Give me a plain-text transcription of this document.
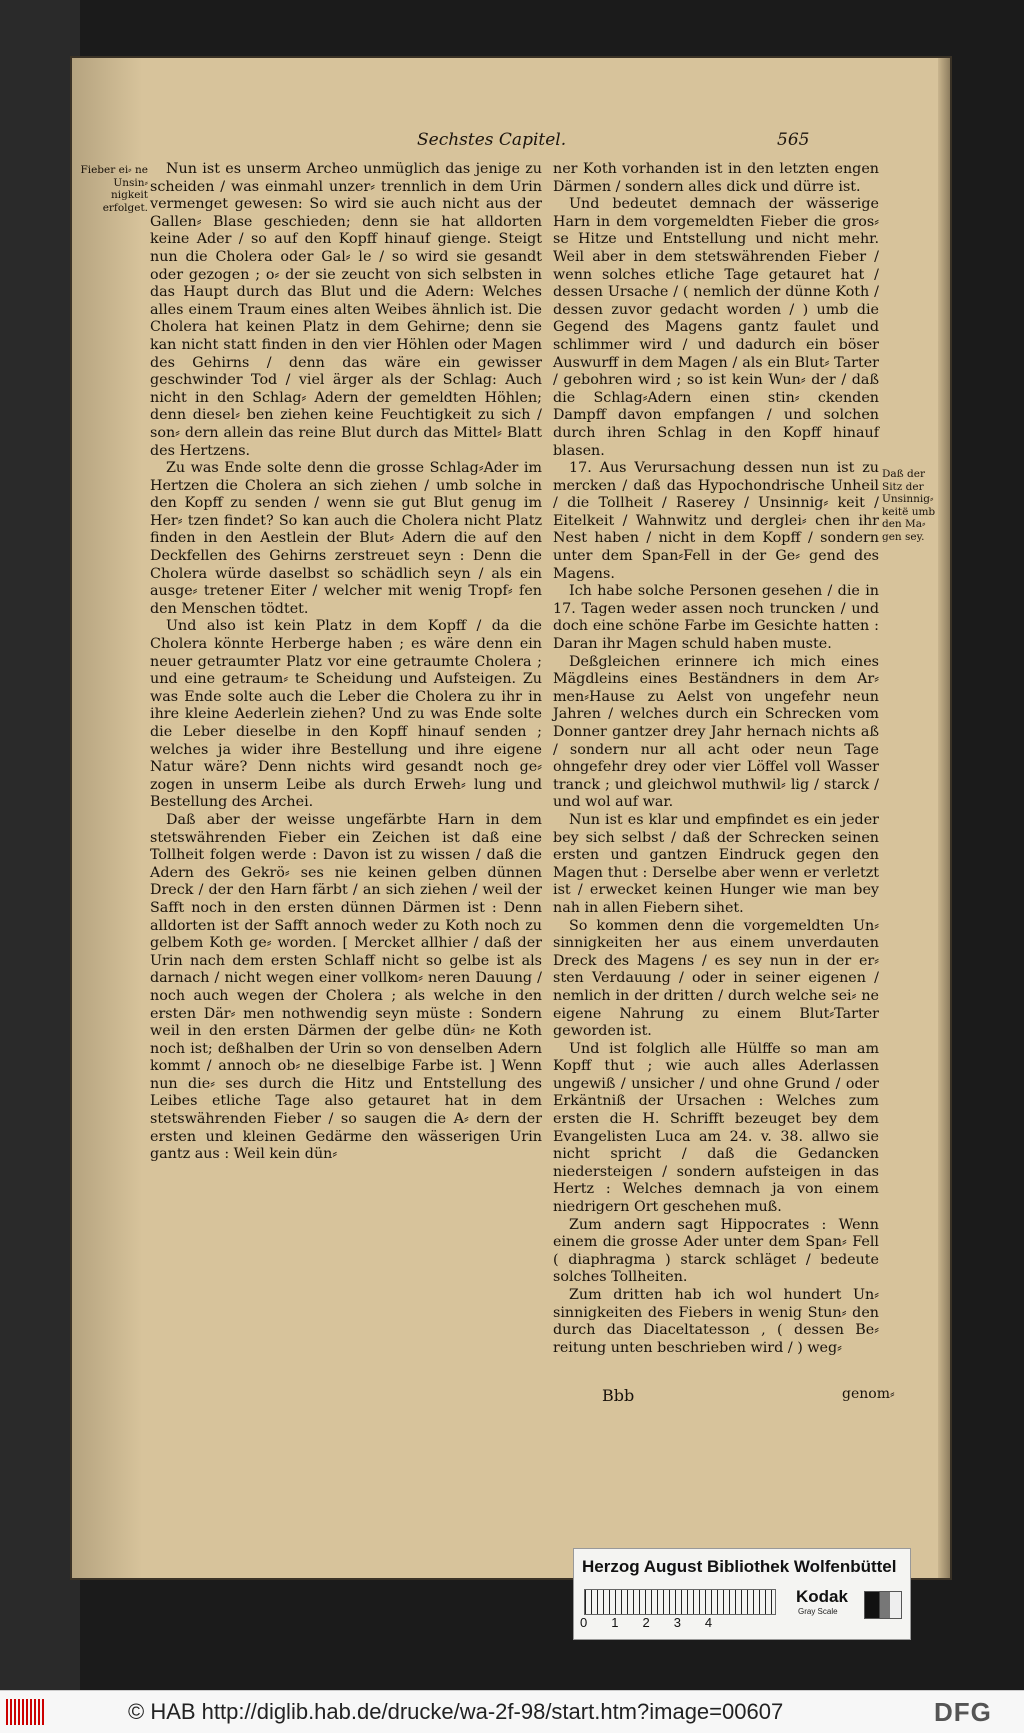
Sechstes Capitel.	565
Fieber ei⸗ ne Unsin⸗ nigkeit erfolget.

Nun ist es unserm Archeo unmüglich das jenige zu scheiden / was einmahl unzer⸗ trennlich in dem Urin vermenget gewesen: So wird sie auch nicht aus der Gallen⸗ Blase geschieden; denn sie hat alldorten keine Ader / so auf den Kopff hinauf gienge. Steigt nun die Cholera oder Gal⸗ le / so wird sie gesandt oder gezogen ; o⸗ der sie zeucht von sich selbsten in das Haupt durch das Blut und die Adern: Welches alles einem Traum eines alten Weibes ähnlich ist. Die Cholera hat keinen Platz in dem Gehirne; denn sie kan nicht statt finden in den vier Höhlen oder Magen des Gehirns / denn das wäre ein gewisser geschwinder Tod / viel ärger als der Schlag: Auch nicht in den Schlag⸗ Adern der gemeldten Höhlen; denn diesel⸗ ben ziehen keine Feuchtigkeit zu sich / son⸗ dern allein das reine Blut durch das Mittel⸗ Blatt des Hertzens.

Zu was Ende solte denn die grosse Schlag⸗Ader im Hertzen die Cholera an sich ziehen / umb solche in den Kopff zu senden / wenn sie gut Blut genug im Her⸗ tzen findet? So kan auch die Cholera nicht Platz finden in den Aestlein der Blut⸗ Adern die auf den Deckfellen des Gehirns zerstreuet seyn : Denn die Cholera würde daselbst so schädlich seyn / als ein ausge⸗ tretener Eiter / welcher mit wenig Tropf⸗ fen den Menschen tödtet.

Und also ist kein Platz in dem Kopff / da die Cholera könnte Herberge haben ; es wäre denn ein neuer getraumter Platz vor eine getraumte Cholera ; und eine getraum⸗ te Scheidung und Aufsteigen. Zu was Ende solte auch die Leber die Cholera zu ihr in ihre kleine Aederlein ziehen? Und zu was Ende solte die Leber dieselbe in den Kopff hinauf senden ; welches ja wider ihre Bestellung und ihre eigene Natur wäre? Denn nichts wird gesandt noch ge⸗ zogen in unserm Leibe als durch Erweh⸗ lung und Bestellung des Archei.

Daß aber der weisse ungefärbte Harn in dem stetswährenden Fieber ein Zeichen ist daß eine Tollheit folgen werde : Davon ist zu wissen / daß die Adern des Gekrö⸗ ses nie keinen gelben dünnen Dreck / der den Harn färbt / an sich ziehen / weil der Safft noch in den ersten dünnen Därmen ist : Denn alldorten ist der Safft annoch weder zu Koth noch zu gelbem Koth ge⸗ worden. [ Mercket allhier / daß der Urin nach dem ersten Schlaff nicht so gelbe ist als darnach / nicht wegen einer vollkom⸗ neren Dauung / noch auch wegen der Cholera ; als welche in den ersten Där⸗ men nothwendig seyn müste : Sondern weil in den ersten Därmen der gelbe dün⸗ ne Koth noch ist; deßhalben der Urin so von denselben Adern kommt / annoch ob⸗ ne dieselbige Farbe ist. ] Wenn nun die⸗ ses durch die Hitz und Entstellung des Leibes etliche Tage also getauret hat in dem stetswährenden Fieber / so saugen die A⸗ dern der ersten und kleinen Gedärme den wässerigen Urin gantz aus : Weil kein dün⸗

ner Koth vorhanden ist in den letzten engen Därmen / sondern alles dick und dürre ist.

Und bedeutet demnach der wässerige Harn in dem vorgemeldten Fieber die gros⸗ se Hitze und Entstellung und nicht mehr. Weil aber in dem stetswährenden Fieber / wenn solches etliche Tage getauret hat / dessen Ursache / ( nemlich der dünne Koth / dessen zuvor gedacht worden / ) umb die Gegend des Magens gantz faulet und schlimmer wird / und dadurch ein böser Auswurff in dem Magen / als ein Blut⸗ Tarter / gebohren wird ; so ist kein Wun⸗ der / daß die Schlag⸗Adern einen stin⸗ ckenden Dampff davon empfangen / und solchen durch ihren Schlag in den Kopff hinauf blasen.

17. Aus Verursachung dessen nun ist zu mercken / daß das Hypochondrische Unheil / die Tollheit / Raserey / Unsinnig⸗ keit / Eitelkeit / Wahnwitz und derglei⸗ chen ihr Nest haben / nicht in dem Kopff / sondern unter dem Span⸗Fell in der Ge⸗ gend des Magens.

Ich habe solche Personen gesehen / die in 17. Tagen weder assen noch truncken / und doch eine schöne Farbe im Gesichte hatten : Daran ihr Magen schuld haben muste.

Deßgleichen erinnere ich mich eines Mägdleins eines Beständners in dem Ar⸗ men⸗Hause zu Aelst von ungefehr neun Jahren / welches durch ein Schrecken vom Donner gantzer drey Jahr hernach nichts aß / sondern nur all acht oder neun Tage ohngefehr drey oder vier Löffel voll Wasser tranck ; und gleichwol muthwil⸗ lig / starck / und wol auf war.

Nun ist es klar und empfindet es ein jeder bey sich selbst / daß der Schrecken seinen ersten und gantzen Eindruck gegen den Magen thut : Derselbe aber wenn er verletzt ist / erwecket keinen Hunger wie man bey nah in allen Fiebern sihet.

So kommen denn die vorgemeldten Un⸗ sinnigkeiten her aus einem unverdauten Dreck des Magens / es sey nun in der er⸗ sten Verdauung / oder in seiner eigenen / nemlich in der dritten / durch welche sei⸗ ne eigene Nahrung zu einem Blut⸗Tarter geworden ist.

Und ist folglich alle Hülffe so man am Kopff thut ; wie auch alles Aderlassen ungewiß / unsicher / und ohne Grund / oder Erkäntniß der Ursachen : Welches zum ersten die H. Schrifft bezeuget bey dem Evangelisten Luca am 24. v. 38. allwo sie nicht spricht / daß die Gedancken niedersteigen / sondern aufsteigen in das Hertz : Welches demnach ja von einem niedrigern Ort geschehen muß.

Zum andern sagt Hippocrates : Wenn einem die grosse Ader unter dem Span⸗ Fell ( diaphragma ) starck schläget / bedeute solches Tollheiten.

Zum dritten hab ich wol hundert Un⸗ sinnigkeiten des Fiebers in wenig Stun⸗ den durch das Diaceltatesson , ( dessen Be⸗ reitung unten beschrieben wird / ) weg⸗

Daß der Sitz der Unsinnig⸗ keitë umb den Ma⸗ gen sey.
Bbb	genom⸗
Herzog August Bibliothek Wolfenbüttel
01234
Kodak
Gray Scale
© HAB http://diglib.hab.de/drucke/wa-2f-98/start.htm?image=00607	DFG
